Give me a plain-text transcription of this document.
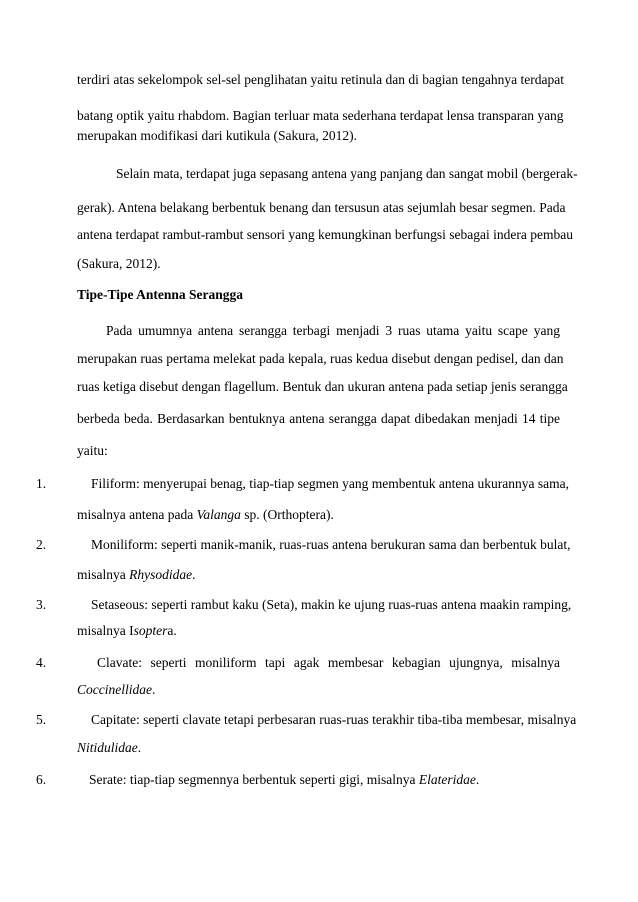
terdiri atas sekelompok sel-sel penglihatan yaitu retinula dan di bagian tengahnya terdapat
batang optik yaitu rhabdom. Bagian terluar mata sederhana terdapat lensa transparan yang
merupakan modifikasi dari kutikula (Sakura, 2012).
Selain mata, terdapat juga sepasang antena yang panjang dan sangat mobil (bergerak-
gerak). Antena belakang berbentuk benang dan tersusun atas sejumlah besar segmen. Pada
antena terdapat rambut-rambut sensori yang kemungkinan berfungsi sebagai indera pembau
(Sakura, 2012).
Tipe-Tipe Antenna Serangga
Pada umumnya antena serangga terbagi menjadi 3 ruas utama yaitu scape yang
merupakan ruas pertama melekat pada kepala, ruas kedua disebut dengan pedisel, dan dan
ruas ketiga disebut dengan flagellum. Bentuk dan ukuran antena pada setiap jenis serangga
berbeda beda. Berdasarkan bentuknya antena serangga dapat dibedakan menjadi 14 tipe
yaitu:
1.	Filiform: menyerupai benag, tiap-tiap segmen yang membentuk antena ukurannya sama,
misalnya antena pada Valanga sp. (Orthoptera).
2.	Moniliform: seperti manik-manik, ruas-ruas antena berukuran sama dan berbentuk bulat,
misalnya Rhysodidae.
3.	Setaseous: seperti rambut kaku (Seta), makin ke ujung ruas-ruas antena maakin ramping,
misalnya Isoptera.
4.	Clavate: seperti moniliform tapi agak membesar kebagian ujungnya, misalnya
Coccinellidae.
5.	Capitate: seperti clavate tetapi perbesaran ruas-ruas terakhir tiba-tiba membesar, misalnya
Nitidulidae.
6.	Serate: tiap-tiap segmennya berbentuk seperti gigi, misalnya Elateridae.
